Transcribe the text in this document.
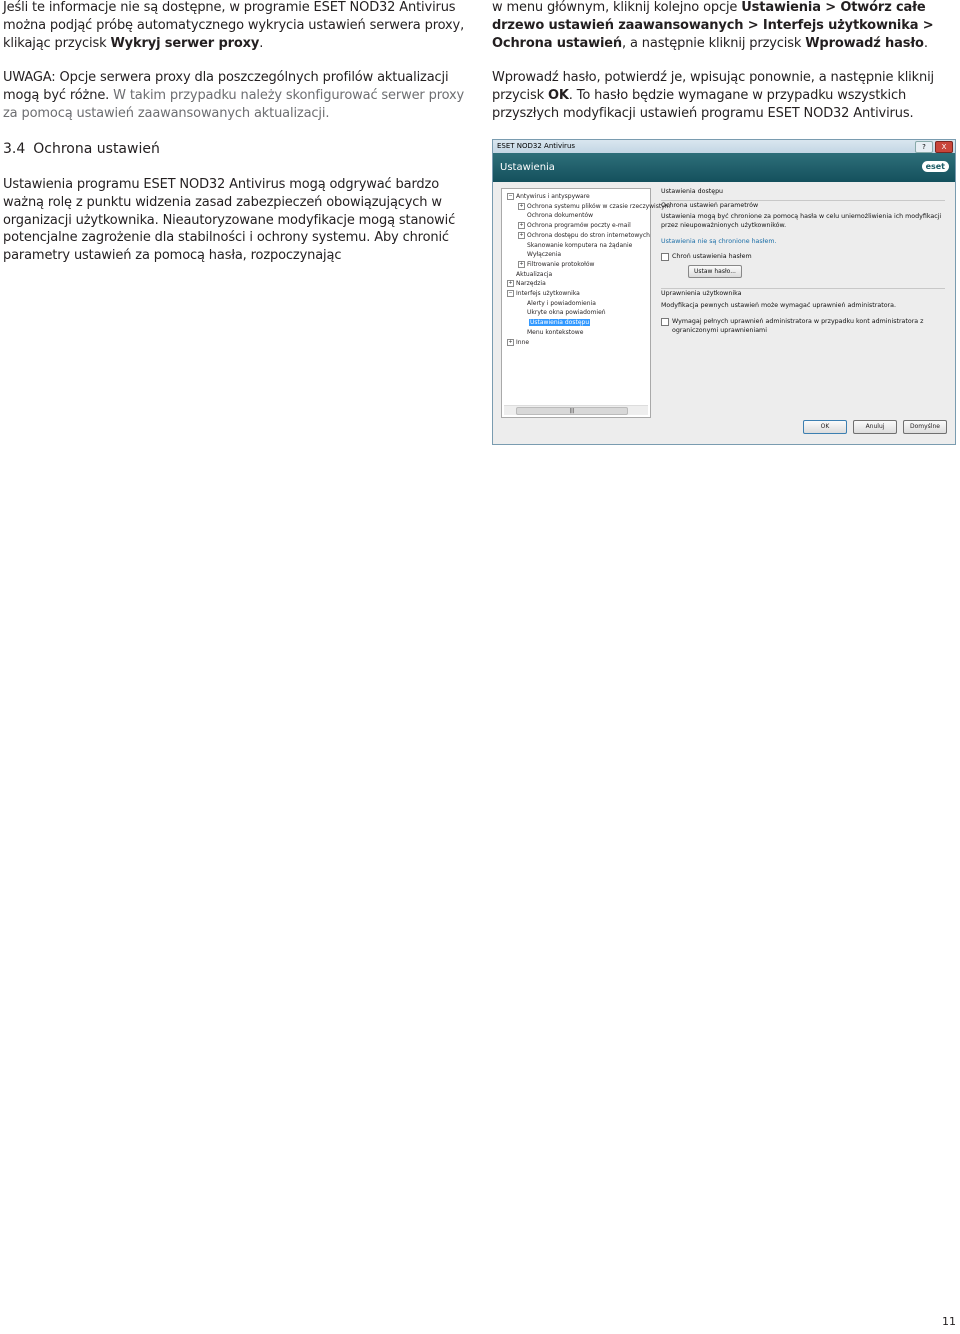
Jeśli te informacje nie są dostępne, w programie ESET NOD32 Antivirus można podjąć próbę automatycznego wykrycia ustawień serwera proxy, klikając przycisk Wykryj serwer proxy.

UWAGA: Opcje serwera proxy dla poszczególnych profilów aktualizacji mogą być różne. W takim przypadku należy skonfigurować serwer proxy za pomocą ustawień zaawansowanych aktualizacji.

3.4 Ochrona ustawień

Ustawienia programu ESET NOD32 Antivirus mogą odgrywać bardzo ważną rolę z punktu widzenia zasad zabezpieczeń obowiązujących w organizacji użytkownika. Nieautoryzowane modyfikacje mogą stanowić potencjalne zagrożenie dla stabilności i ochrony systemu. Aby chronić parametry ustawień za pomocą hasła, rozpoczynając

w menu głównym, kliknij kolejno opcje Ustawienia > Otwórz całe drzewo ustawień zaawansowanych > Interfejs użytkownika > Ochrona ustawień, a następnie kliknij przycisk Wprowadź hasło.

Wprowadź hasło, potwierdź je, wpisując ponownie, a następnie kliknij przycisk OK. To hasło będzie wymagane w przypadku wszystkich przyszłych modyfikacji ustawień programu ESET NOD32 Antivirus.

ESET NOD32 Antivirus	?	X
Ustawienia	eset
− Antywirus i antyspyware
+ Ochrona systemu plików w czasie rzeczywistym
Ochrona dokumentów
+ Ochrona programów poczty e-mail
+ Ochrona dostępu do stron internetowych
Skanowanie komputera na żądanie
Wyłączenia
+ Filtrowanie protokołów
Aktualizacja
+ Narzędzia
− Interfejs użytkownika
Alerty i powiadomienia
Ukryte okna powiadomień
Ustawienia dostępu
Menu kontekstowe
+ Inne
|||
Ustawienia dostępu
Ochrona ustawień parametrów
Ustawienia mogą być chronione za pomocą hasła w celu uniemożliwienia ich modyfikacji przez nieupoważnionych użytkowników.
Ustawienia nie są chronione hasłem.
Chroń ustawienia hasłem
Ustaw hasło...
Uprawnienia użytkownika
Modyfikacja pewnych ustawień może wymagać uprawnień administratora.
Wymagaj pełnych uprawnień administratora w przypadku kont administratora z ograniczonymi uprawnieniami
OK	Anuluj	Domyślne
11
